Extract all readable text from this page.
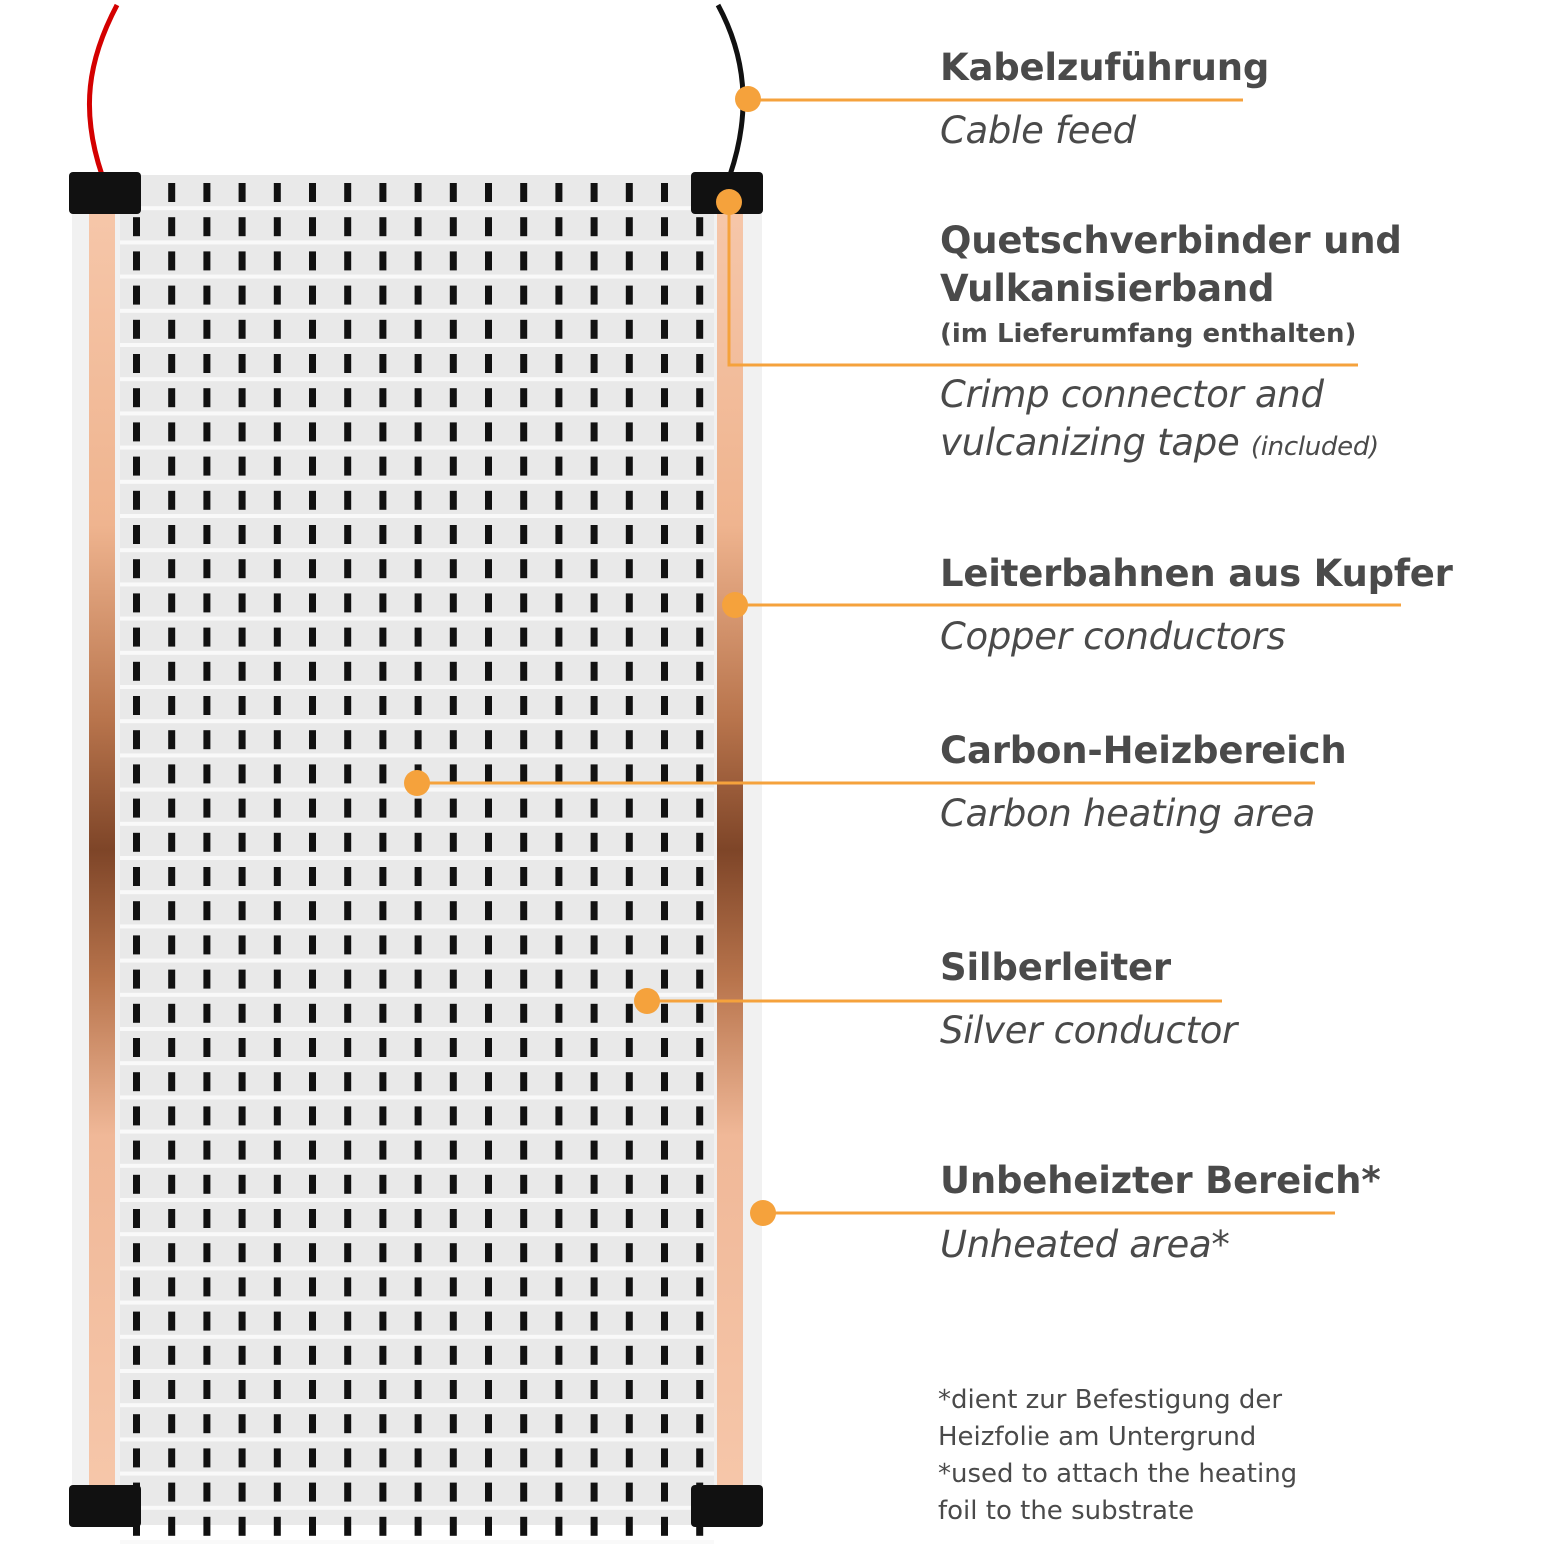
Kabelzuführung
Cable feed
Quetschverbinder und
Vulkanisierband
(im Lieferumfang enthalten)
Crimp connector and
vulcanizing tape (included)
Leiterbahnen aus Kupfer
Copper conductors
Carbon-Heizbereich
Carbon heating area
Silberleiter
Silver conductor
Unbeheizter Bereich*
Unheated area*
*dient zur Befestigung der
Heizfolie am Untergrund
*used to attach the heating
foil to the substrate
